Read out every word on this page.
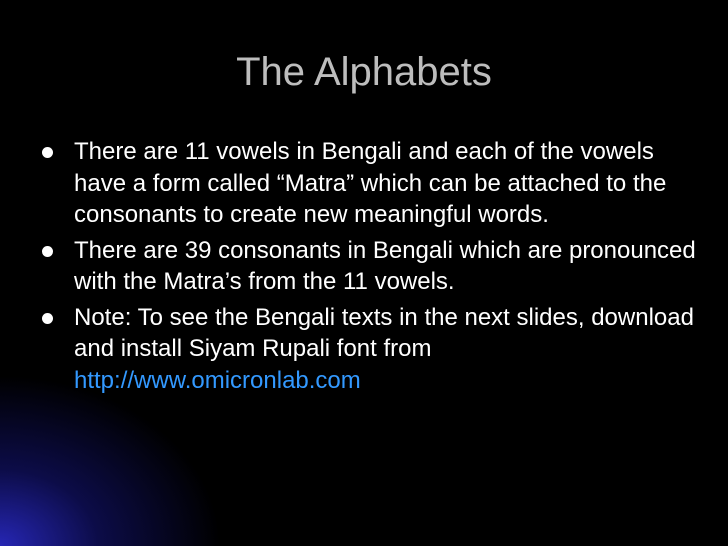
The Alphabets
There are 11 vowels in Bengali and each of the vowels have a form called “Matra” which can be attached to the consonants to create new meaningful words.
There are 39 consonants in Bengali which are pronounced with the Matra’s from the 11 vowels.
Note: To see the Bengali texts in the next slides, download and install Siyam Rupali font from http://www.omicronlab.com
